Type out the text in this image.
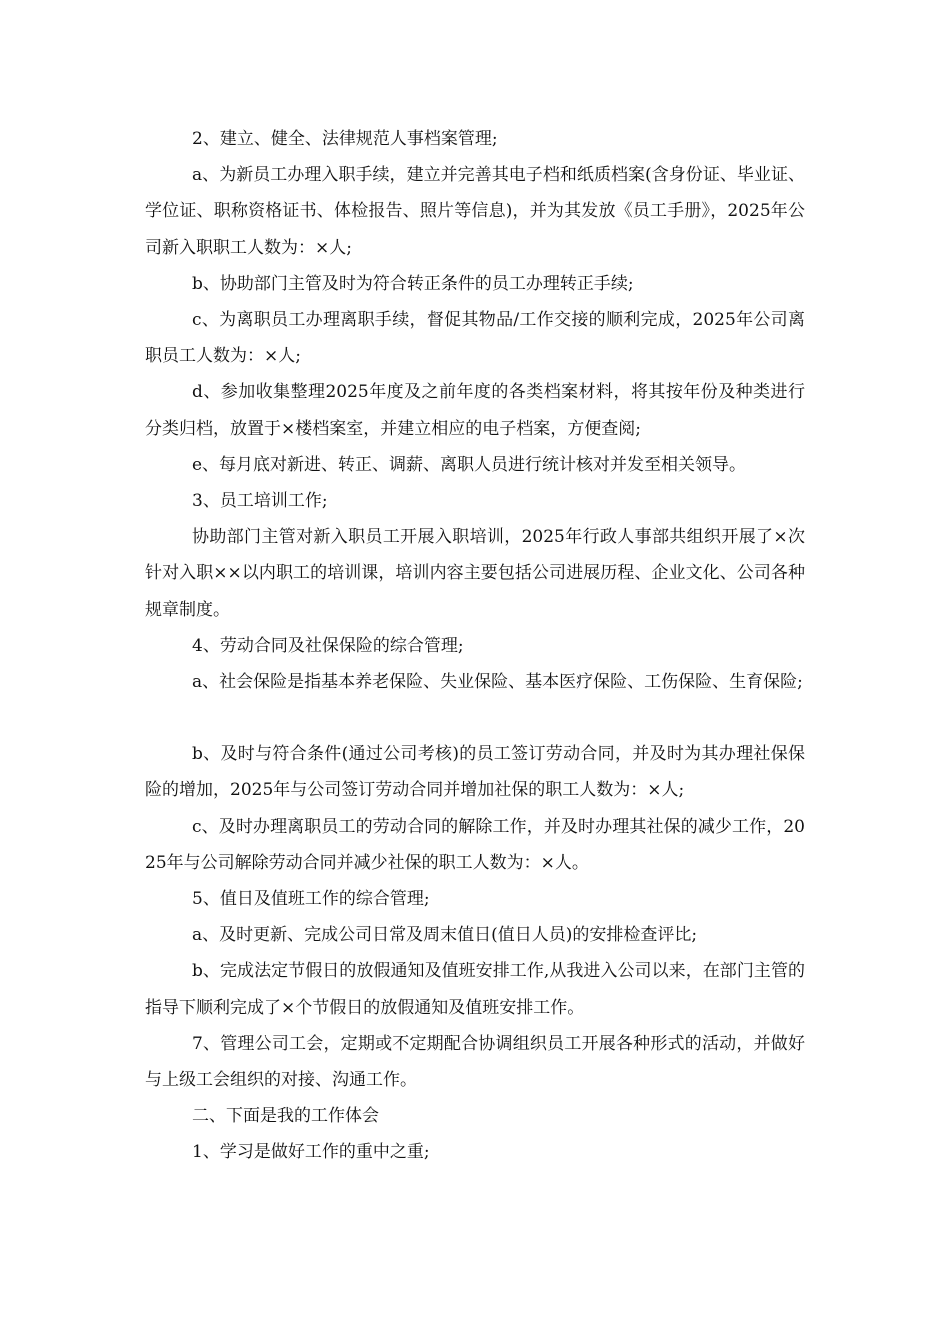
2、建立、健全、法律规范人事档案管理;

a、为新员工办理入职手续，建立并完善其电子档和纸质档案(含身份证、毕业证、学位证、职称资格证书、体检报告、照片等信息)，并为其发放《员工手册》，2025年公司新入职职工人数为：×人;

b、协助部门主管及时为符合转正条件的员工办理转正手续;

c、为离职员工办理离职手续，督促其物品/工作交接的顺利完成，2025年公司离职员工人数为：×人;

d、参加收集整理2025年度及之前年度的各类档案材料，将其按年份及种类进行分类归档，放置于×楼档案室，并建立相应的电子档案，方便查阅;

e、每月底对新进、转正、调薪、离职人员进行统计核对并发至相关领导。

3、员工培训工作;

协助部门主管对新入职员工开展入职培训，2025年行政人事部共组织开展了×次针对入职××以内职工的培训课，培训内容主要包括公司进展历程、企业文化、公司各种规章制度。

4、劳动合同及社保保险的综合管理;

a、社会保险是指基本养老保险、失业保险、基本医疗保险、工伤保险、生育保险;

b、及时与符合条件(通过公司考核)的员工签订劳动合同，并及时为其办理社保保险的增加，2025年与公司签订劳动合同并增加社保的职工人数为：×人;

c、及时办理离职员工的劳动合同的解除工作，并及时办理其社保的减少工作，2025年与公司解除劳动合同并减少社保的职工人数为：×人。

5、值日及值班工作的综合管理;

a、及时更新、完成公司日常及周末值日(值日人员)的安排检查评比;

b、完成法定节假日的放假通知及值班安排工作,从我进入公司以来，在部门主管的指导下顺利完成了×个节假日的放假通知及值班安排工作。

7、管理公司工会，定期或不定期配合协调组织员工开展各种形式的活动，并做好与上级工会组织的对接、沟通工作。

二、下面是我的工作体会

1、学习是做好工作的重中之重;
